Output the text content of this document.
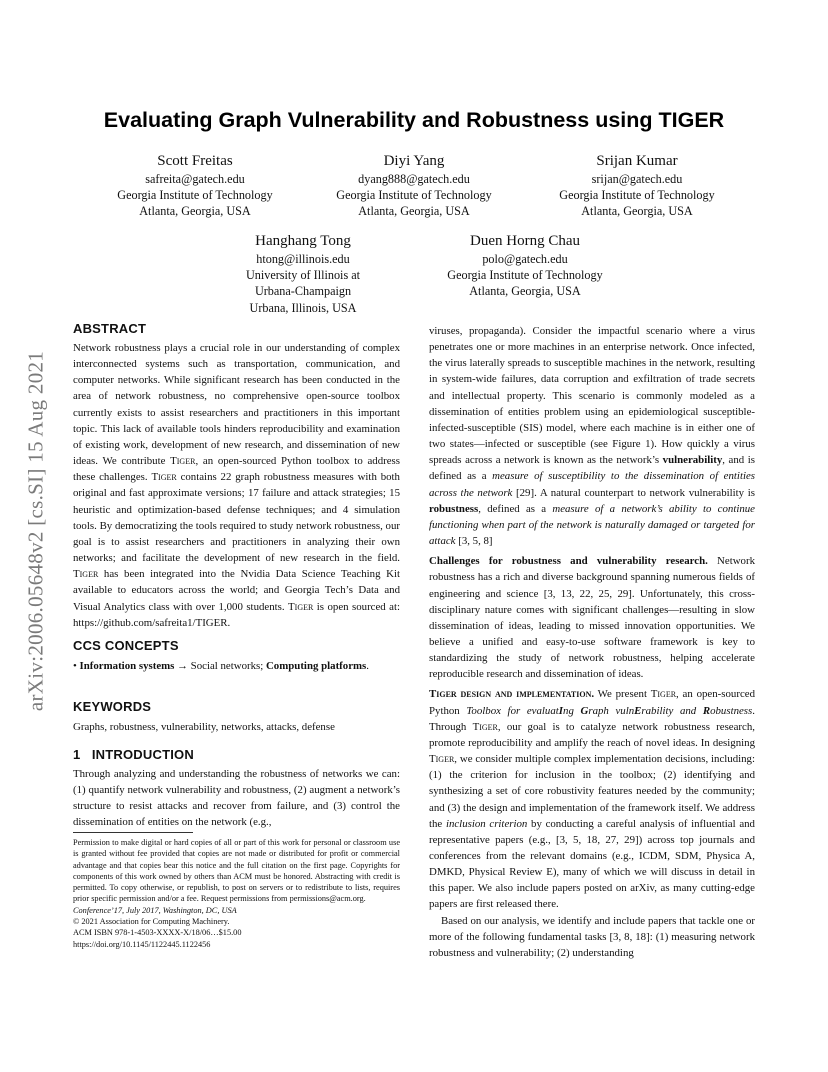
arXiv:2006.05648v2 [cs.SI] 15 Aug 2021
Evaluating Graph Vulnerability and Robustness using TIGER
Scott Freitas
safreita@gatech.edu
Georgia Institute of Technology
Atlanta, Georgia, USA
Diyi Yang
dyang888@gatech.edu
Georgia Institute of Technology
Atlanta, Georgia, USA
Srijan Kumar
srijan@gatech.edu
Georgia Institute of Technology
Atlanta, Georgia, USA
Hanghang Tong
htong@illinois.edu
University of Illinois at
Urbana-Champaign
Urbana, Illinois, USA
Duen Horng Chau
polo@gatech.edu
Georgia Institute of Technology
Atlanta, Georgia, USA
ABSTRACT

Network robustness plays a crucial role in our understanding of complex interconnected systems such as transportation, communication, and computer networks. While significant research has been conducted in the area of network robustness, no comprehensive open-source toolbox currently exists to assist researchers and practitioners in this important topic. This lack of available tools hinders reproducibility and examination of existing work, development of new research, and dissemination of new ideas. We contribute Tiger, an open-sourced Python toolbox to address these challenges. Tiger contains 22 graph robustness measures with both original and fast approximate versions; 17 failure and attack strategies; 15 heuristic and optimization-based defense techniques; and 4 simulation tools. By democratizing the tools required to study network robustness, our goal is to assist researchers and practitioners in analyzing their own networks; and facilitate the development of new research in the field. Tiger has been integrated into the Nvidia Data Science Teaching Kit available to educators across the world; and Georgia Tech’s Data and Visual Analytics class with over 1,000 students. Tiger is open sourced at: https://github.com/safreita1/TIGER.

CCS CONCEPTS

• Information systems → Social networks; Computing platforms.

KEYWORDS
Graphs, robustness, vulnerability, networks, attacks, defense
1   INTRODUCTION
Through analyzing and understanding the robustness of networks we can: (1) quantify network vulnerability and robustness, (2) augment a network’s structure to resist attacks and recover from failure, and (3) control the dissemination of entities on the network (e.g.,

Permission to make digital or hard copies of all or part of this work for personal or classroom use is granted without fee provided that copies are not made or distributed for profit or commercial advantage and that copies bear this notice and the full citation on the first page. Copyrights for components of this work owned by others than ACM must be honored. Abstracting with credit is permitted. To copy otherwise, or republish, to post on servers or to redistribute to lists, requires prior specific permission and/or a fee. Request permissions from permissions@acm.org.

Conference’17, July 2017, Washington, DC, USA

© 2021 Association for Computing Machinery.

ACM ISBN 978-1-4503-XXXX-X/18/06…$15.00

https://doi.org/10.1145/1122445.1122456

viruses, propaganda). Consider the impactful scenario where a virus penetrates one or more machines in an enterprise network. Once infected, the virus laterally spreads to susceptible machines in the network, resulting in system-wide failures, data corruption and exfiltration of trade secrets and intellectual property. This scenario is commonly modeled as a dissemination of entities problem using an epidemiological susceptible-infected-susceptible (SIS) model, where each machine is in either one of two states—infected or susceptible (see Figure 1). How quickly a virus spreads across a network is known as the network’s vulnerability, and is defined as a measure of susceptibility to the dissemination of entities across the network [29]. A natural counterpart to network vulnerability is robustness, defined as a measure of a network’s ability to continue functioning when part of the network is naturally damaged or targeted for attack [3, 5, 8]

Challenges for robustness and vulnerability research. Network robustness has a rich and diverse background spanning numerous fields of engineering and science [3, 13, 22, 25, 29]. Unfortunately, this cross-disciplinary nature comes with significant challenges—resulting in slow dissemination of ideas, leading to missed innovation opportunities. We believe a unified and easy-to-use software framework is key to standardizing the study of network robustness, helping accelerate reproducible research and dissemination of ideas.

Tiger design and implementation. We present Tiger, an open-sourced Python Toolbox for evaluatIng Graph vulnErability and Robustness. Through Tiger, our goal is to catalyze network robustness research, promote reproducibility and amplify the reach of novel ideas. In designing Tiger, we consider multiple complex implementation decisions, including: (1) the criterion for inclusion in the toolbox; (2) identifying and synthesizing a set of core robustivity features needed by the community; and (3) the design and implementation of the framework itself. We address the inclusion criterion by conducting a careful analysis of influential and representative papers (e.g., [3, 5, 18, 27, 29]) across top journals and conferences from the relevant domains (e.g., ICDM, SDM, Physica A, DMKD, Physical Review E), many of which we will discuss in detail in this paper. We also include papers posted on arXiv, as many cutting-edge papers are first released there.

Based on our analysis, we identify and include papers that tackle one or more of the following fundamental tasks [3, 8, 18]: (1) measuring network robustness and vulnerability; (2) understanding
